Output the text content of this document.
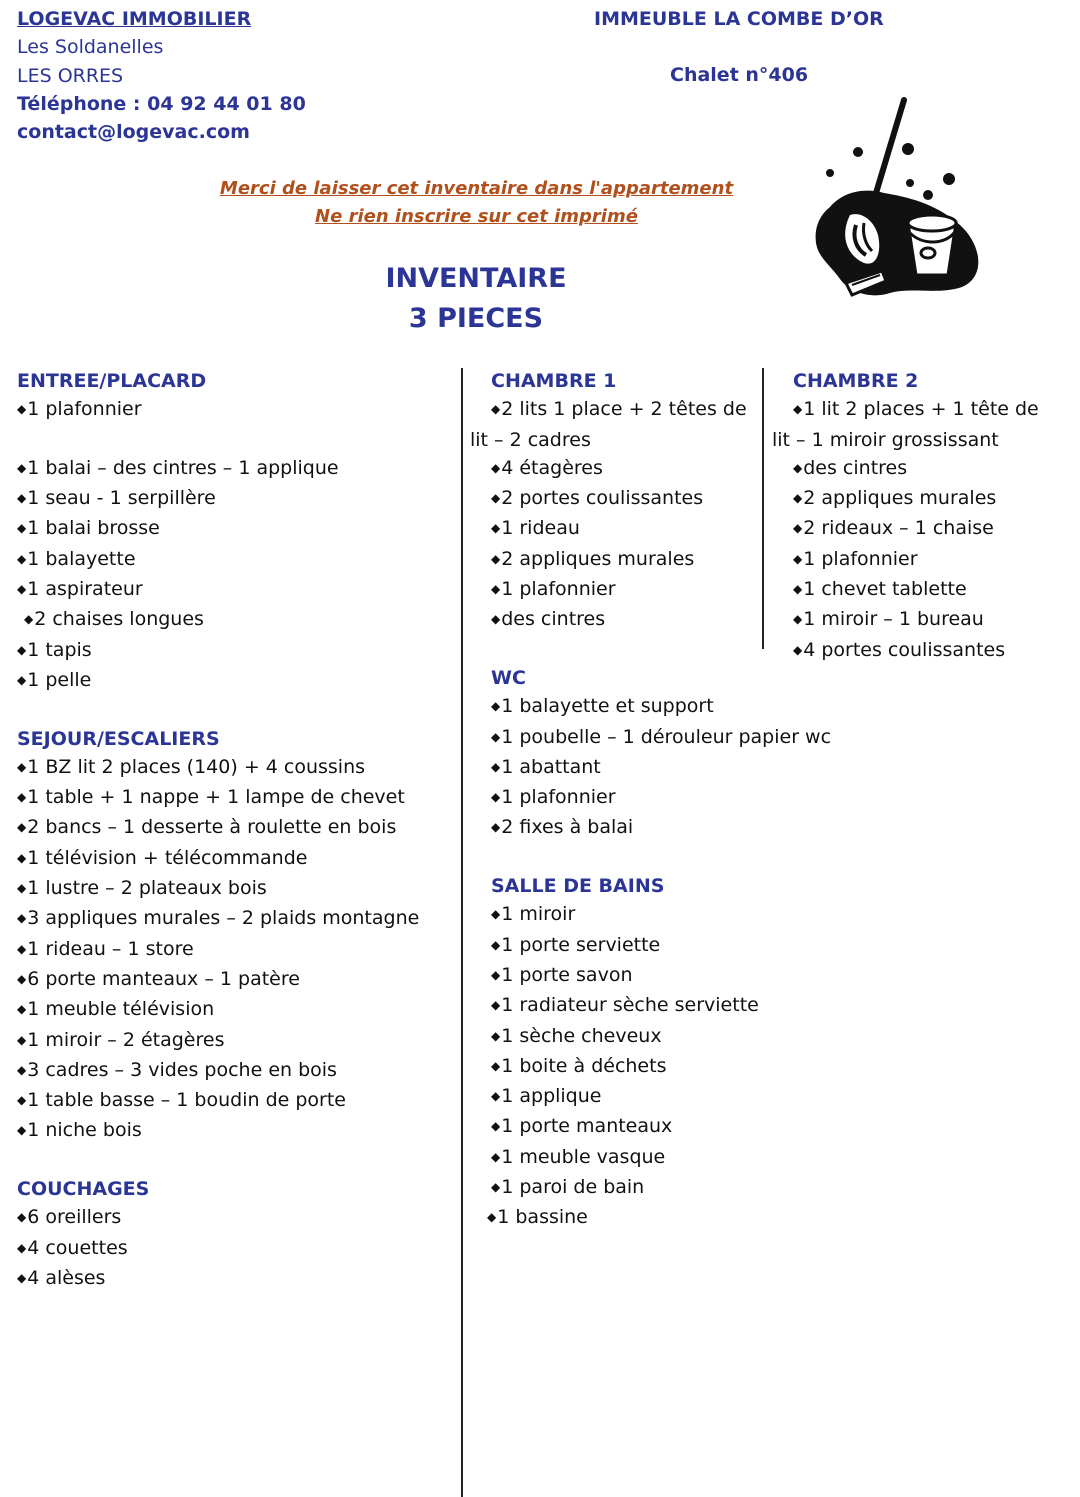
LOGEVAC IMMOBILIER
Les Soldanelles
LES ORRES
Téléphone : 04 92 44 01 80
contact@logevac.com
IMMEUBLE LA COMBE D’OR
Chalet n°406
Merci de laisser cet inventaire dans l'appartement
Ne rien inscrire sur cet imprimé
INVENTAIRE
3 PIECES
ENTREE/PLACARD
◆1 plafonnier
◆1 balai – des cintres – 1 applique
◆1 seau - 1 serpillère
◆1 balai brosse
◆1 balayette
◆1 aspirateur
◆2 chaises longues
◆1 tapis
◆1 pelle
SEJOUR/ESCALIERS
◆1 BZ lit 2 places (140) + 4 coussins
◆1 table + 1 nappe + 1 lampe de chevet
◆2 bancs – 1 desserte à roulette en bois
◆1 télévision + télécommande
◆1 lustre – 2 plateaux bois
◆3 appliques murales – 2 plaids montagne
◆1 rideau – 1 store
◆6 porte manteaux – 1 patère
◆1 meuble télévision
◆1 miroir – 2 étagères
◆3 cadres – 3 vides poche en bois
◆1 table basse – 1 boudin de porte
◆1 niche bois
COUCHAGES
◆6 oreillers
◆4 couettes
◆4 alèses
CHAMBRE 1
◆2 lits 1 place + 2 têtes de
lit – 2 cadres
◆4 étagères
◆2 portes coulissantes
◆1 rideau
◆2 appliques murales
◆1 plafonnier
◆des cintres
WC
◆1 balayette et support
◆1 poubelle – 1 dérouleur papier wc
◆1 abattant
◆1 plafonnier
◆2 fixes à balai
SALLE DE BAINS
◆1 miroir
◆1 porte serviette
◆1 porte savon
◆1 radiateur sèche serviette
◆1 sèche cheveux
◆1 boite à déchets
◆1 applique
◆1 porte manteaux
◆1 meuble vasque
◆1 paroi de bain
◆1 bassine
CHAMBRE 2
◆1 lit 2 places + 1 tête de
lit – 1 miroir grossissant
◆des cintres
◆2 appliques murales
◆2 rideaux – 1 chaise
◆1 plafonnier
◆1 chevet tablette
◆1 miroir – 1 bureau
◆4 portes coulissantes
